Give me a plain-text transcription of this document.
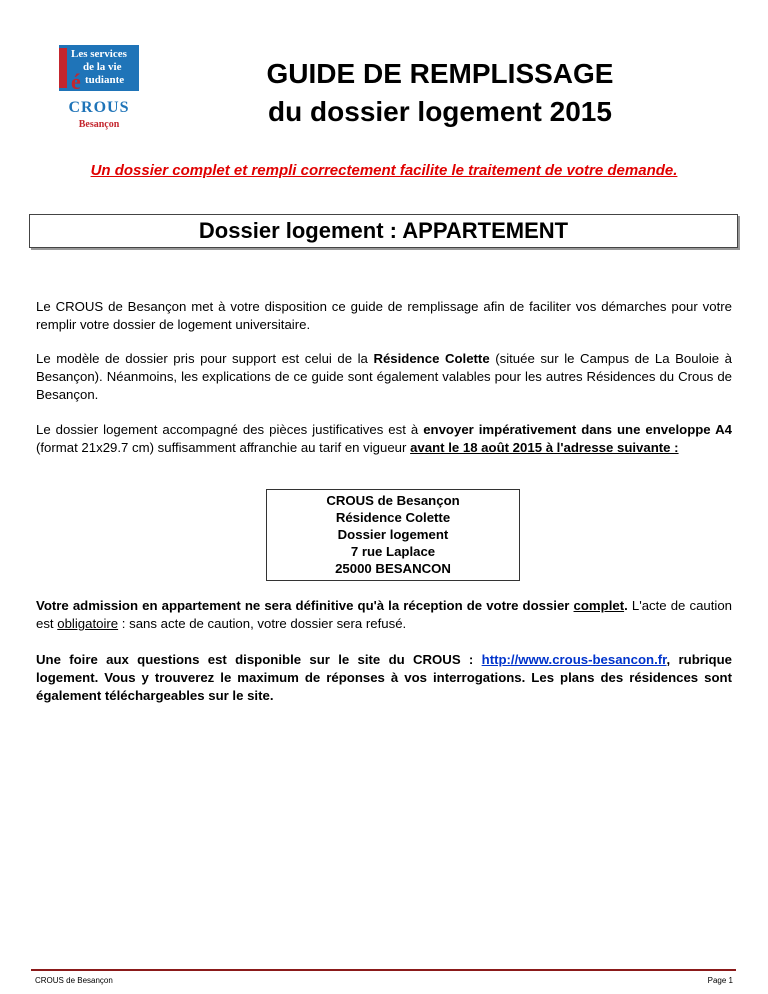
Les services
de la vie
é tudiante
CROUS
Besançon
GUIDE DE REMPLISSAGE
du dossier logement 2015
Un dossier complet et rempli correctement facilite le traitement de votre demande.
Dossier logement : APPARTEMENT
Le CROUS de Besançon met à votre disposition ce guide de remplissage afin de faciliter vos démarches pour votre remplir votre dossier de logement universitaire.
Le modèle de dossier pris pour support est celui de la Résidence Colette (située sur le Campus de La Bouloie à Besançon). Néanmoins, les explications de ce guide sont également valables pour les autres Résidences du Crous de Besançon.
Le dossier logement accompagné des pièces justificatives est à envoyer impérativement dans une enveloppe A4 (format 21x29.7 cm) suffisamment affranchie au tarif en vigueur avant le 18 août 2015 à l'adresse suivante :
CROUS de Besançon
Résidence Colette
Dossier logement
7 rue Laplace
25000 BESANCON
Votre admission en appartement ne sera définitive qu'à la réception de votre dossier complet. L'acte de caution est obligatoire : sans acte de caution, votre dossier sera refusé.
Une foire aux questions est disponible sur le site du CROUS : http://www.crous-besancon.fr, rubrique logement. Vous y trouverez le maximum de réponses à vos interrogations. Les plans des résidences sont également téléchargeables sur le site.
CROUS de Besançon	Page 1
